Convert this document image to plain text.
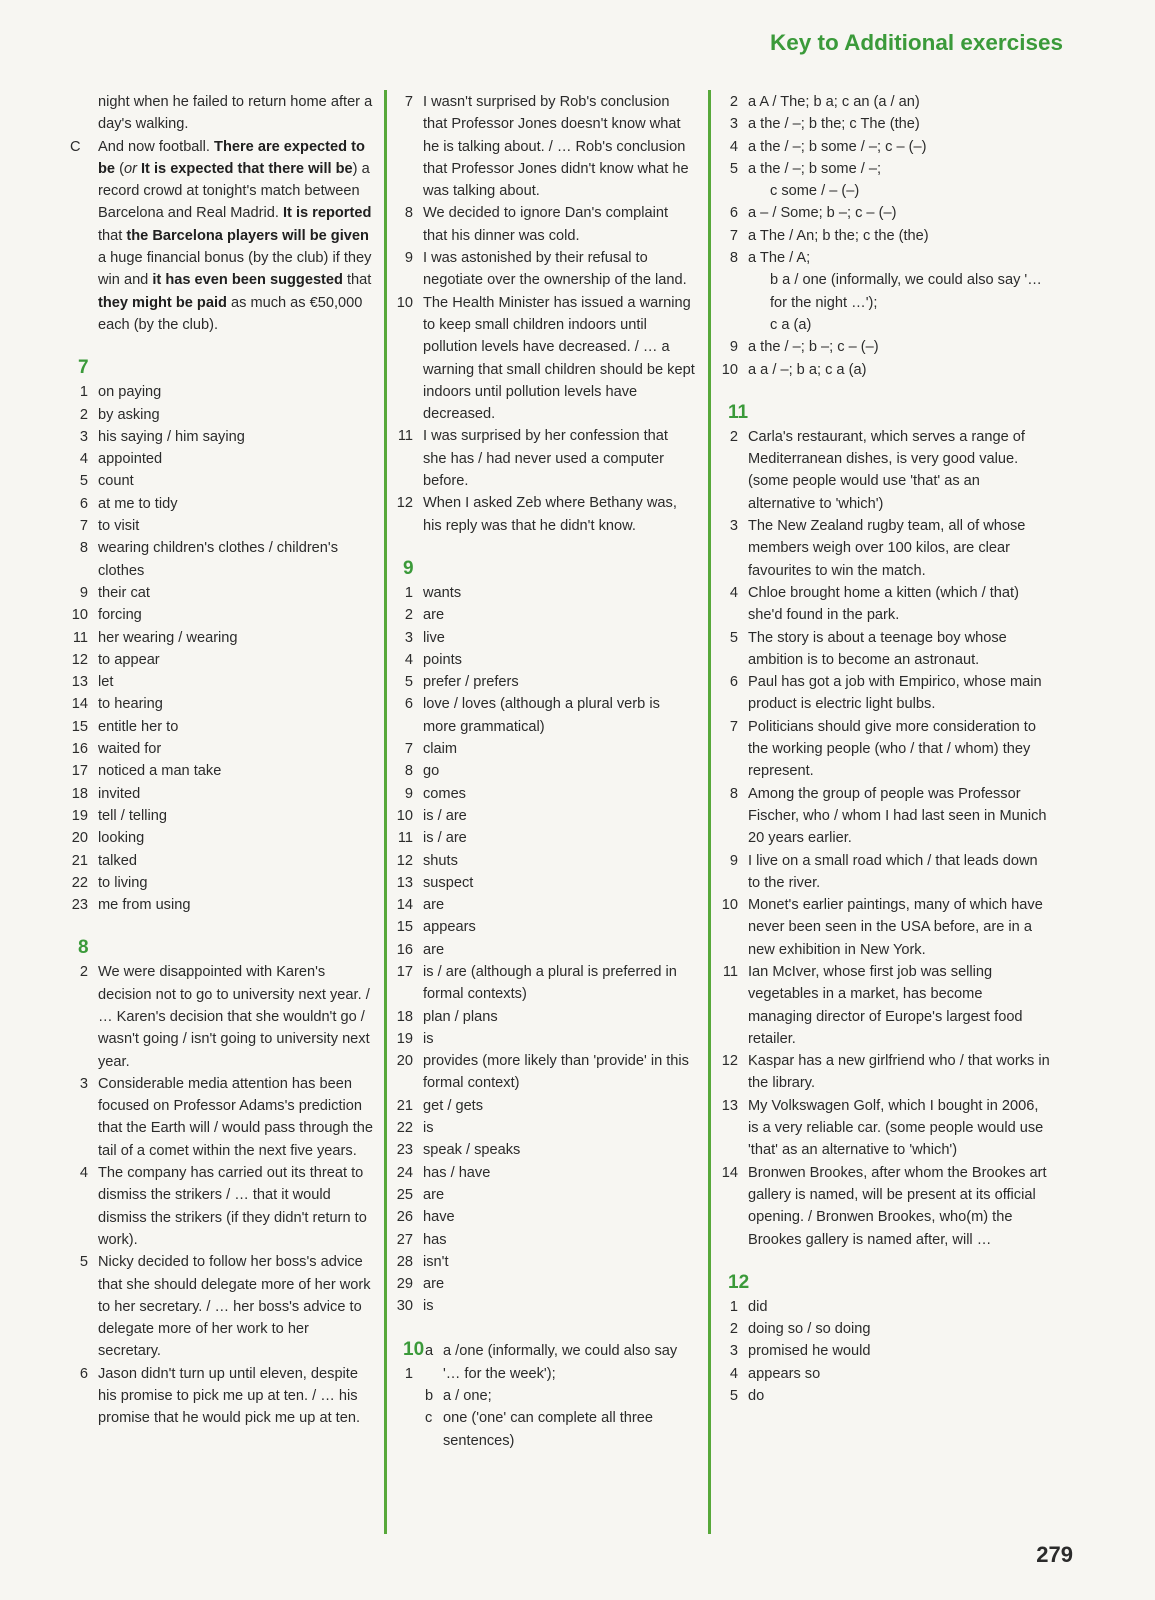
Key to Additional exercises
night when he failed to return home after a day's walking.
C	And now football. There are expected to be (or It is expected that there will be) a record crowd at tonight's match between Barcelona and Real Madrid. It is reported that the Barcelona players will be given a huge financial bonus (by the club) if they win and it has even been suggested that they might be paid as much as €50,000 each (by the club).
7
1 on paying
2 by asking
3 his saying / him saying
4 appointed
5 count
6 at me to tidy
7 to visit
8 wearing children's clothes / children's clothes
9 their cat
10 forcing
11 her wearing / wearing
12 to appear
13 let
14 to hearing
15 entitle her to
16 waited for
17 noticed a man take
18 invited
19 tell / telling
20 looking
21 talked
22 to living
23 me from using
8
2 We were disappointed with Karen's decision not to go to university next year. / … Karen's decision that she wouldn't go / wasn't going / isn't going to university next year.
3 Considerable media attention has been focused on Professor Adams's prediction that the Earth will / would pass through the tail of a comet within the next five years.
4 The company has carried out its threat to dismiss the strikers / … that it would dismiss the strikers (if they didn't return to work).
5 Nicky decided to follow her boss's advice that she should delegate more of her work to her secretary. / … her boss's advice to delegate more of her work to her secretary.
6 Jason didn't turn up until eleven, despite his promise to pick me up at ten. / … his promise that he would pick me up at ten.
7 I wasn't surprised by Rob's conclusion that Professor Jones doesn't know what he is talking about. / … Rob's conclusion that Professor Jones didn't know what he was talking about.
8 We decided to ignore Dan's complaint that his dinner was cold.
9 I was astonished by their refusal to negotiate over the ownership of the land.
10 The Health Minister has issued a warning to keep small children indoors until pollution levels have decreased. / … a warning that small children should be kept indoors until pollution levels have decreased.
11 I was surprised by her confession that she has / had never used a computer before.
12 When I asked Zeb where Bethany was, his reply was that he didn't know.
9
1 wants
2 are
3 live
4 points
5 prefer / prefers
6 love / loves (although a plural verb is more grammatical)
7 claim
8 go
9 comes
10 is / are
11 is / are
12 shuts
13 suspect
14 are
15 appears
16 are
17 is / are (although a plural is preferred in formal contexts)
18 plan / plans
19 is
20 provides (more likely than 'provide' in this formal context)
21 get / gets
22 is
23 speak / speaks
24 has / have
25 are
26 have
27 has
28 isn't
29 are
30 is
10
1
a a /one (informally, we could also say '… for the week');
b a / one;
c one ('one' can complete all three sentences)
2 a A / The; b a; c an (a / an)
3 a the / –; b the; c The (the)
4 a the / –; b some / –; c – (–)
5 a the / –; b some / –;
c some / – (–)
6 a – / Some; b –; c – (–)
7 a The / An; b the; c the (the)
8 a The / A;
b a / one (informally, we could also say '… for the night …');
c a (a)
9 a the / –; b –; c – (–)
10 a a / –; b a; c a (a)
11
2 Carla's restaurant, which serves a range of Mediterranean dishes, is very good value. (some people would use 'that' as an alternative to 'which')
3 The New Zealand rugby team, all of whose members weigh over 100 kilos, are clear favourites to win the match.
4 Chloe brought home a kitten (which / that) she'd found in the park.
5 The story is about a teenage boy whose ambition is to become an astronaut.
6 Paul has got a job with Empirico, whose main product is electric light bulbs.
7 Politicians should give more consideration to the working people (who / that / whom) they represent.
8 Among the group of people was Professor Fischer, who / whom I had last seen in Munich 20 years earlier.
9 I live on a small road which / that leads down to the river.
10 Monet's earlier paintings, many of which have never been seen in the USA before, are in a new exhibition in New York.
11 Ian McIver, whose first job was selling vegetables in a market, has become managing director of Europe's largest food retailer.
12 Kaspar has a new girlfriend who / that works in the library.
13 My Volkswagen Golf, which I bought in 2006, is a very reliable car. (some people would use 'that' as an alternative to 'which')
14 Bronwen Brookes, after whom the Brookes art gallery is named, will be present at its official opening. / Bronwen Brookes, who(m) the Brookes gallery is named after, will …
12
1 did
2 doing so / so doing
3 promised he would
4 appears so
5 do
279
